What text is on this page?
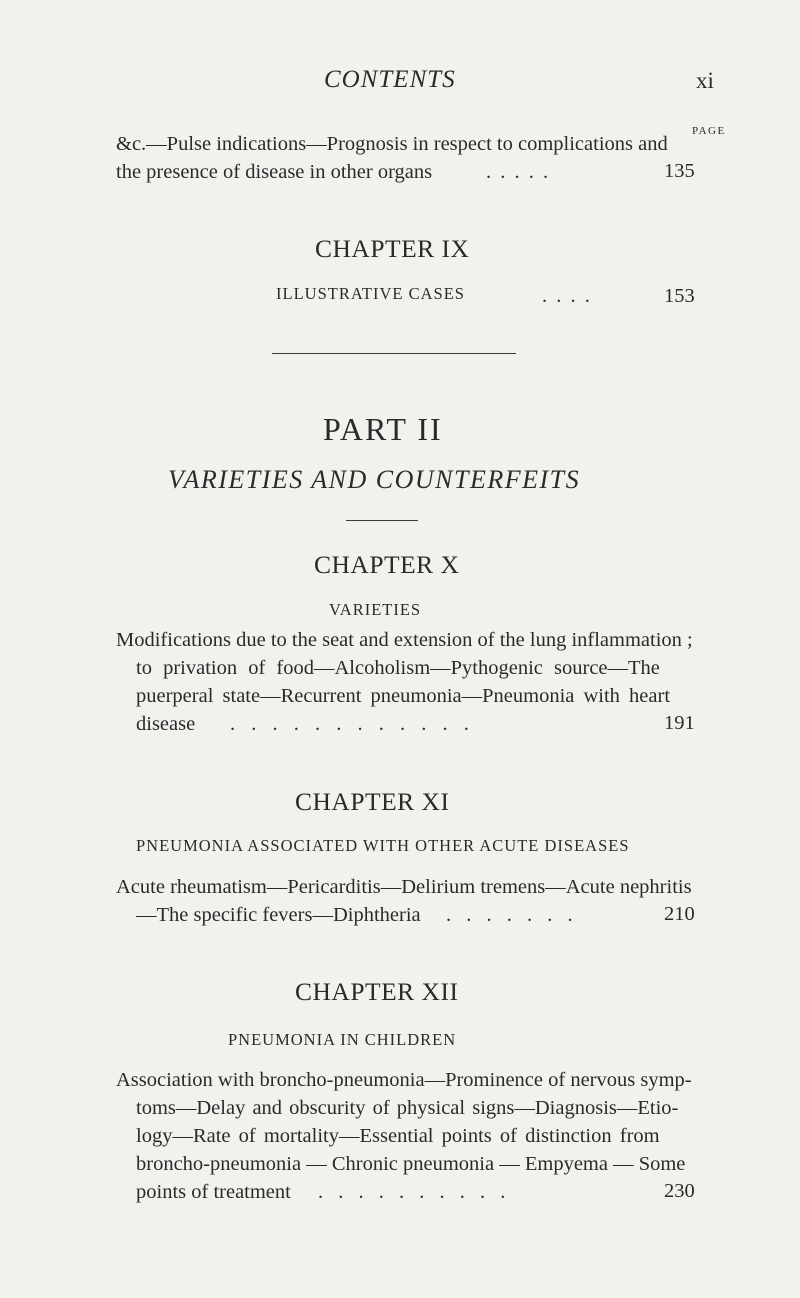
CONTENTS	xi
PAGE
&c.—Pulse indications—Prognosis in respect to complications and
the presence of disease in other organs	. . . . .	135
CHAPTER IX
ILLUSTRATIVE CASES	. . . .	153
PART II
VARIETIES AND COUNTERFEITS
CHAPTER X
VARIETIES
Modifications due to the seat and extension of the lung inflammation ;
to privation of food—Alcoholism—Pythogenic source—The
puerperal state—Recurrent pneumonia—Pneumonia with heart
disease . . . . . . . . . . . .	191
CHAPTER XI
PNEUMONIA ASSOCIATED WITH OTHER ACUTE DISEASES
Acute rheumatism—Pericarditis—Delirium tremens—Acute nephritis
—The specific fevers—Diphtheria . . . . . . .	210
CHAPTER XII
PNEUMONIA IN CHILDREN
Association with broncho-pneumonia—Prominence of nervous symp-
toms—Delay and obscurity of physical signs—Diagnosis—Etio-
logy—Rate of mortality—Essential points of distinction from
broncho-pneumonia — Chronic pneumonia — Empyema — Some
points of treatment . . . . . . . . . .	230
